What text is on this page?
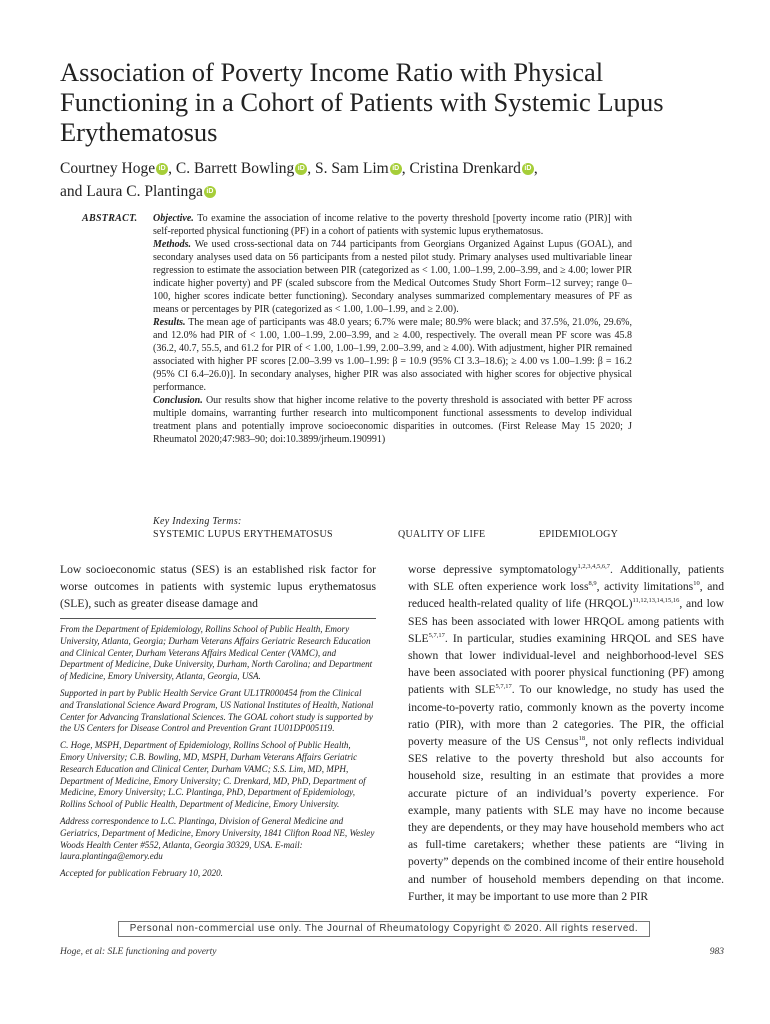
Association of Poverty Income Ratio with Physical Functioning in a Cohort of Patients with Systemic Lupus Erythematosus
Courtney Hoge iD , C. Barrett Bowling iD , S. Sam Lim iD , Cristina Drenkard iD ,
and Laura C. Plantinga iD
ABSTRACT. Objective. To examine the association of income relative to the poverty threshold [poverty income ratio (PIR)] with self-reported physical functioning (PF) in a cohort of patients with systemic lupus erythematosus.

Methods. We used cross-sectional data on 744 participants from Georgians Organized Against Lupus (GOAL), and secondary analyses used data on 56 participants from a nested pilot study. Primary analyses used multivariable linear regression to estimate the association between PIR (categorized as < 1.00, 1.00–1.99, 2.00–3.99, and ≥ 4.00; lower PIR indicate higher poverty) and PF (scaled subscore from the Medical Outcomes Study Short Form–12 survey; range 0–100, higher scores indicate better functioning). Secondary analyses summarized complementary measures of PF as means or percentages by PIR (categorized as < 1.00, 1.00–1.99, and ≥ 2.00).

Results. The mean age of participants was 48.0 years; 6.7% were male; 80.9% were black; and 37.5%, 21.0%, 29.6%, and 12.0% had PIR of < 1.00, 1.00–1.99, 2.00–3.99, and ≥ 4.00, respectively. The overall mean PF score was 45.8 (36.2, 40.7, 55.5, and 61.2 for PIR of < 1.00, 1.00–1.99, 2.00–3.99, and ≥ 4.00). With adjustment, higher PIR remained associated with higher PF scores [2.00–3.99 vs 1.00–1.99: β = 10.9 (95% CI 3.3–18.6); ≥ 4.00 vs 1.00–1.99: β = 16.2 (95% CI 6.4–26.0)]. In secondary analyses, higher PIR was also associated with higher scores for objective physical performance.

Conclusion. Our results show that higher income relative to the poverty threshold is associated with better PF across multiple domains, warranting further research into multicomponent functional assessments to develop individual treatment plans and potentially improve socioeconomic disparities in outcomes. (First Release May 15 2020; J Rheumatol 2020;47:983–90; doi:10.3899/jrheum.190991)

Key Indexing Terms:
SYSTEMIC LUPUS ERYTHEMATOSUS	QUALITY OF LIFE	EPIDEMIOLOGY

Low socioeconomic status (SES) is an established risk factor for worse outcomes in patients with systemic lupus erythematosus (SLE), such as greater disease damage and

From the Department of Epidemiology, Rollins School of Public Health, Emory University, Atlanta, Georgia; Durham Veterans Affairs Geriatric Research Education and Clinical Center, Durham Veterans Affairs Medical Center (VAMC), and Department of Medicine, Duke University, Durham, North Carolina; and Department of Medicine, Emory University, Atlanta, Georgia, USA.

Supported in part by Public Health Service Grant UL1TR000454 from the Clinical and Translational Science Award Program, US National Institutes of Health, National Center for Advancing Translational Sciences. The GOAL cohort study is supported by the US Centers for Disease Control and Prevention Grant 1U01DP005119.

C. Hoge, MSPH, Department of Epidemiology, Rollins School of Public Health, Emory University; C.B. Bowling, MD, MSPH, Durham Veterans Affairs Geriatric Research Education and Clinical Center, Durham VAMC; S.S. Lim, MD, MPH, Department of Medicine, Emory University; C. Drenkard, MD, PhD, Department of Medicine, Emory University; L.C. Plantinga, PhD, Department of Epidemiology, Rollins School of Public Health, Department of Medicine, Emory University.

Address correspondence to L.C. Plantinga, Division of General Medicine and Geriatrics, Department of Medicine, Emory University, 1841 Clifton Road NE, Wesley Woods Health Center #552, Atlanta, Georgia 30329, USA. E-mail: laura.plantinga@emory.edu

Accepted for publication February 10, 2020.

worse depressive symptomatology$^{1,2,3,4,5,6,7}$. Additionally, patients with SLE often experience work loss$^{8,9}$, activity limitations$^{10}$, and reduced health-related quality of life (HRQOL)$^{11,12,13,14,15,16}$, and low SES has been associated with lower HRQOL among patients with SLE$^{5,7,17}$. In particular, studies examining HRQOL and SES have shown that lower individual-level and neighborhood-level SES have been associated with poorer physical functioning (PF) among patients with SLE$^{5,7,17}$. To our knowledge, no study has used the income-to-poverty ratio, commonly known as the poverty income ratio (PIR), with more than 2 categories. The PIR, the official poverty measure of the US Census$^{18}$, not only reflects individual SES relative to the poverty threshold but also accounts for household size, resulting in an estimate that provides a more accurate picture of an individual’s poverty experience. For example, many patients with SLE may have no income because they are dependents, or they may have household members who act as full-time caretakers; whether these patients are “living in poverty” depends on the combined income of their entire household and number of household members depending on that income. Further, it may be important to use more than 2 PIR

Personal non-commercial use only. The Journal of Rheumatology Copyright © 2020. All rights reserved.
Hoge, et al: SLE functioning and poverty	983
